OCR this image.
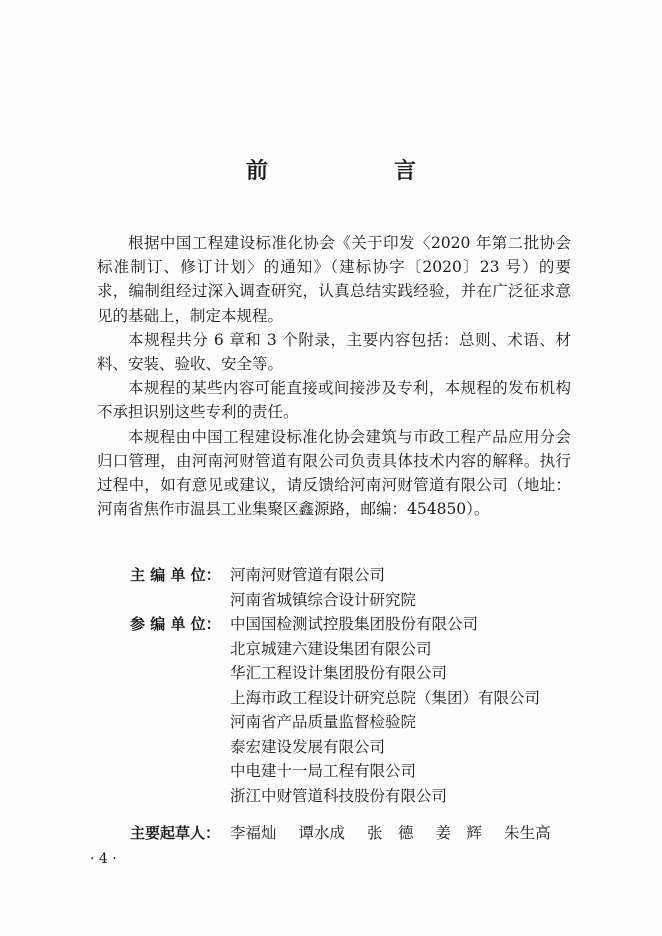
前　言

根据中国工程建设标准化协会《关于印发〈2020 年第二批协会标准制订、修订计划〉的通知》（建标协字〔2020〕23 号）的要求，编制组经过深入调查研究，认真总结实践经验，并在广泛征求意见的基础上，制定本规程。

本规程共分 6 章和 3 个附录，主要内容包括：总则、术语、材料、安装、验收、安全等。

本规程的某些内容可能直接或间接涉及专利，本规程的发布机构不承担识别这些专利的责任。

本规程由中国工程建设标准化协会建筑与市政工程产品应用分会归口管理，由河南河财管道有限公司负责具体技术内容的解释。执行过程中，如有意见或建议，请反馈给河南河财管道有限公司（地址：河南省焦作市温县工业集聚区鑫源路，邮编：454850）。

主 编 单 位： 河南河财管道有限公司
河南省城镇综合设计研究院
参 编 单 位： 中国国检测试控股集团股份有限公司
北京城建六建设集团有限公司
华汇工程设计集团股份有限公司
上海市政工程设计研究总院（集团）有限公司
河南省产品质量监督检验院
泰宏建设发展有限公司
中电建十一局工程有限公司
浙江中财管道科技股份有限公司
主要起草人： 李福灿 谭水成 张　德 姜　辉 朱生高
· 4 ·
